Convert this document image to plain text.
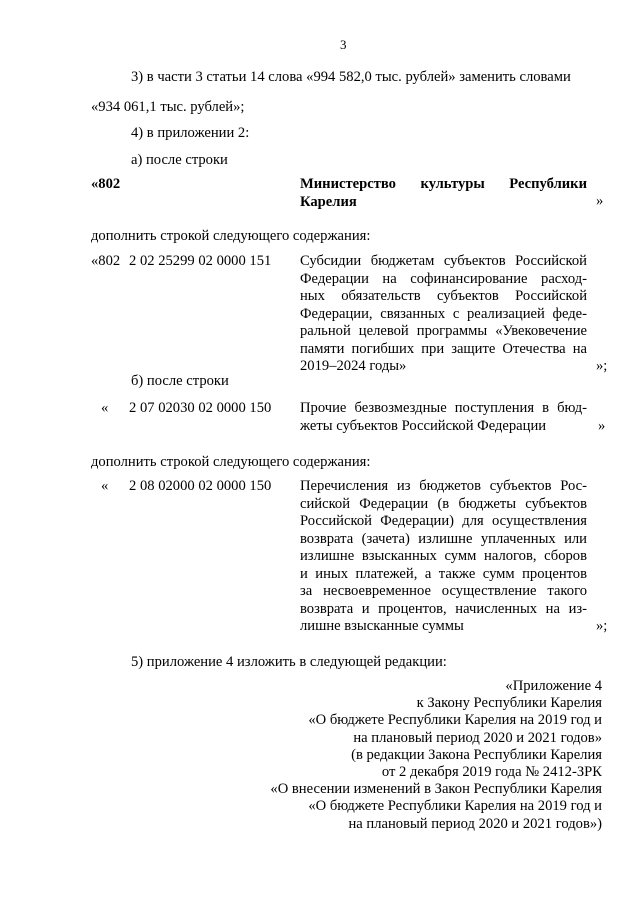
3
3) в части 3 статьи 14 слова «994 582,0 тыс. рублей» заменить словами
«934 061,1 тыс. рублей»;
4) в приложении 2:
а) после строки
«802	Министерство культуры Республики
Карелия	»
дополнить строкой следующего содержания:
«802 2 02 25299 02 0000 151 Субсидии бюджетам субъектов Российской
Федерации на софинансирование расход-
ных обязательств субъектов Российской
Федерации, связанных с реализацией феде-
ральной целевой программы «Увековечение
памяти погибших при защите Отечества на
2019–2024 годы»	»;
б) после строки
« 2 07 02030 02 0000 150 Прочие безвозмездные поступления в бюд-
жеты субъектов Российской Федерации	»
дополнить строкой следующего содержания:
« 2 08 02000 02 0000 150 Перечисления из бюджетов субъектов Рос-
сийской Федерации (в бюджеты субъектов
Российской Федерации) для осуществления
возврата (зачета) излишне уплаченных или
излишне взысканных сумм налогов, сборов
и иных платежей, а также сумм процентов
за несвоевременное осуществление такого
возврата и процентов, начисленных на из-
лишне взысканные суммы	»;
5) приложение 4 изложить в следующей редакции:
«Приложение 4
к Закону Республики Карелия
«О бюджете Республики Карелия на 2019 год и
на плановый период 2020 и 2021 годов»
(в редакции Закона Республики Карелия
от 2 декабря 2019 года № 2412-ЗРК
«О внесении изменений в Закон Республики Карелия
«О бюджете Республики Карелия на 2019 год и
на плановый период 2020 и 2021 годов»)
